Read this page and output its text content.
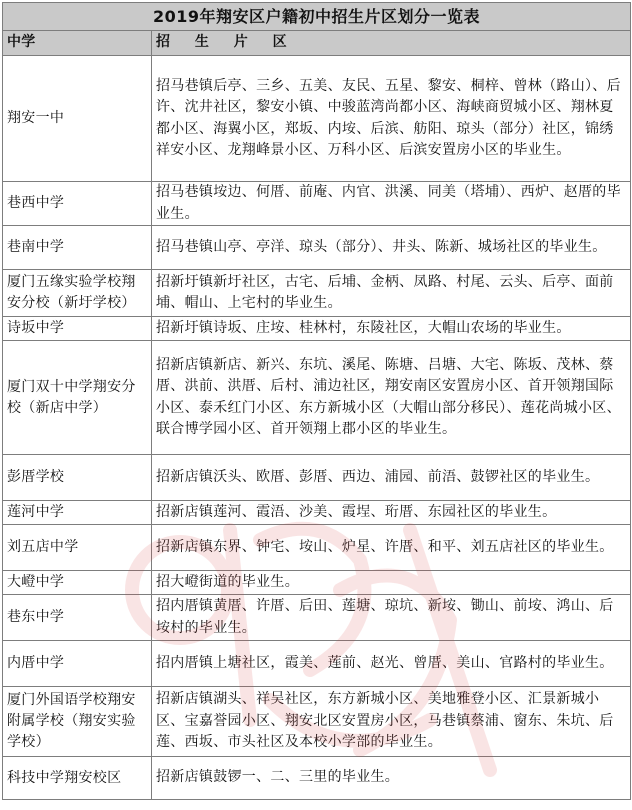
2019年翔安区户籍初中招生片区划分一览表	
中学	招 生 片 区
翔安一中	招马巷镇后亭、三乡、五美、友民、五星、黎安、桐梓、曾林（路山）、后许、沈井社区，黎安小镇、中骏蓝湾尚都小区、海峡商贸城小区、翔林夏都小区、海翼小区，郑坂、内垵、后滨、舫阳、琼头（部分）社区，锦绣祥安小区、龙翔峰景小区、万科小区、后滨安置房小区的毕业生。
巷西中学	招马巷镇垵边、何厝、前庵、内官、洪溪、同美（塔埔）、西炉、赵厝的毕业生。
巷南中学	招马巷镇山亭、亭洋、琼头（部分）、井头、陈新、城场社区的毕业生。
厦门五缘实验学校翔安分校（新圩学校）	招新圩镇新圩社区，古宅、后埔、金柄、凤路、村尾、云头、后亭、面前埔、帽山、上宅村的毕业生。
诗坂中学	招新圩镇诗坂、庄垵、桂林村，东陵社区，大帽山农场的毕业生。
厦门双十中学翔安分校（新店中学）	招新店镇新店、新兴、东坑、溪尾、陈塘、吕塘、大宅、陈坂、茂林、蔡厝、洪前、洪厝、后村、浦边社区，翔安南区安置房小区、首开领翔国际小区、泰禾红门小区、东方新城小区（大帽山部分移民）、莲花尚城小区、联合博学园小区、首开领翔上郡小区的毕业生。
彭厝学校	招新店镇沃头、欧厝、彭厝、西边、浦园、前浯、鼓锣社区的毕业生。
莲河中学	招新店镇莲河、霞浯、沙美、霞埕、珩厝、东园社区的毕业生。
刘五店中学	招新店镇东界、钟宅、垵山、炉星、许厝、和平、刘五店社区的毕业生。
大嶝中学	招大嶝街道的毕业生。
巷东中学	招内厝镇黄厝、许厝、后田、莲塘、琼坑、新垵、锄山、前垵、鸿山、后垵村的毕业生。
内厝中学	招内厝镇上塘社区，霞美、莲前、赵光、曾厝、美山、官路村的毕业生。
厦门外国语学校翔安附属学校（翔安实验学校）	招新店镇湖头、祥吴社区，东方新城小区、美地雅登小区、汇景新城小区、宝嘉誉园小区、翔安北区安置房小区，马巷镇蔡浦、窗东、朱坑、后莲、西坂、市头社区及本校小学部的毕业生。
科技中学翔安校区	招新店镇鼓锣一、二、三里的毕业生。
